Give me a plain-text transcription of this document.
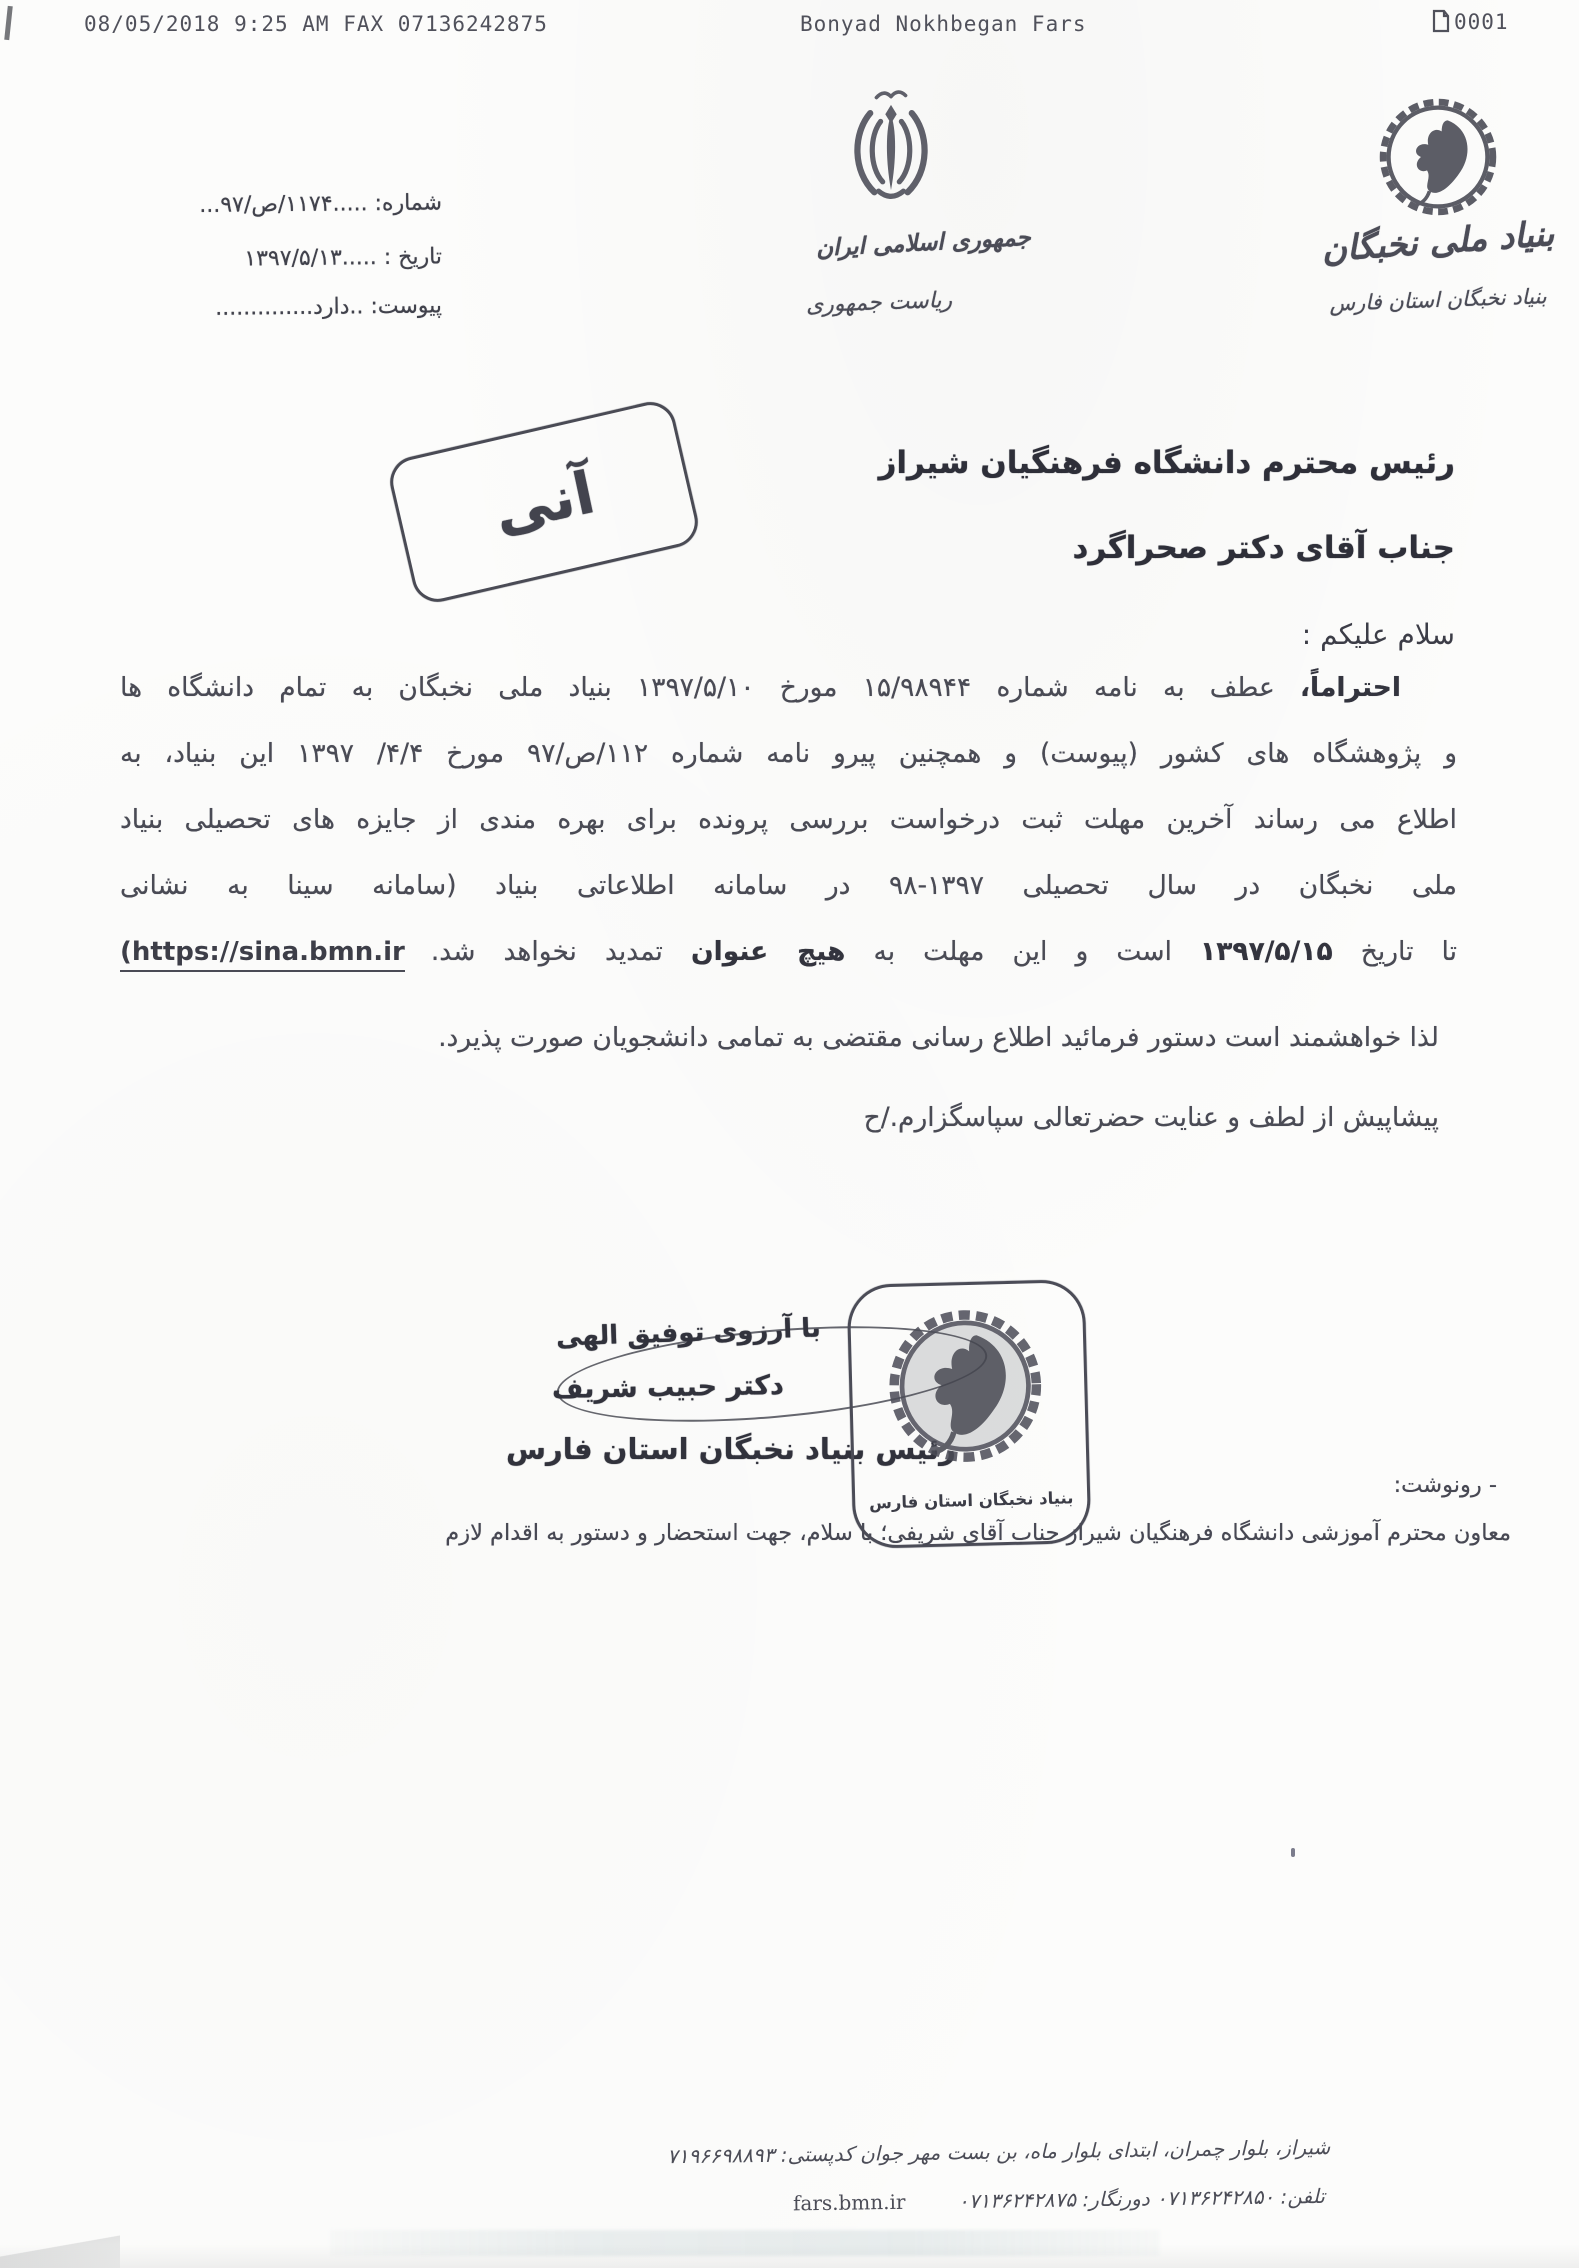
08/05/2018 9:25 AM FAX 07136242875	Bonyad Nokhbegan Fars	0001
شماره: .....۱۱۷۴/ص/۹۷...
تاریخ : .....۱۳۹۷/۵/۱۳
پیوست: ..دارد..............
جمهوری اسلامی ایران
ریاست جمهوری
بنیاد ملی نخبگان
بنیاد نخبگان استان فارس
آنی	رئیس محترم دانشگاه فرهنگیان شیراز
جناب آقای دکتر صحراگرد
سلام علیکم :
احتراماً، عطف به نامه شماره ۱۵/۹۸۹۴۴ مورخ ۱۳۹۷/۵/۱۰ بنیاد ملی نخبگان به تمام دانشگاه ها
و پژوهشگاه های کشور (پیوست) و همچنین پیرو نامه شماره ۱۱۲/ص/۹۷ مورخ ۴/۴/ ۱۳۹۷ این بنیاد، به
اطلاع می رساند آخرین مهلت ثبت درخواست بررسی پرونده برای بهره مندی از جایزه های تحصیلی بنیاد
ملی نخبگان در سال تحصیلی ۱۳۹۷-۹۸ در سامانه اطلاعاتی بنیاد (سامانه سینا به نشانی
(https://sina.bmn.ir	تا تاریخ ۱۳۹۷/۵/۱۵ است و این مهلت به هیچ عنوان تمدید نخواهد شد.
لذا خواهشمند است دستور فرمائید اطلاع رسانی مقتضی به تمامی دانشجویان صورت پذیرد.
پیشاپیش از لطف و عنایت حضرتعالی سپاسگزارم./ح
با آرزوی توفیق الهی
دکتر حبیب شریف
رئیس بنیاد نخبگان استان فارس
بنیاد نخبگان استان فارس
- رونوشت:
معاون محترم آموزشی دانشگاه فرهنگیان شیراز جناب آقای شریفی؛ با سلام، جهت استحضار و دستور به اقدام لازم
شیراز، بلوار چمران، ابتدای بلوار ماه، بن بست مهر جوان کدپستی: ۷۱۹۶۶۹۸۸۹۳
تلفن: ۰۷۱۳۶۲۴۲۸۵۰ دورنگار: ۰۷۱۳۶۲۴۲۸۷۵ fars.bmn.ir
